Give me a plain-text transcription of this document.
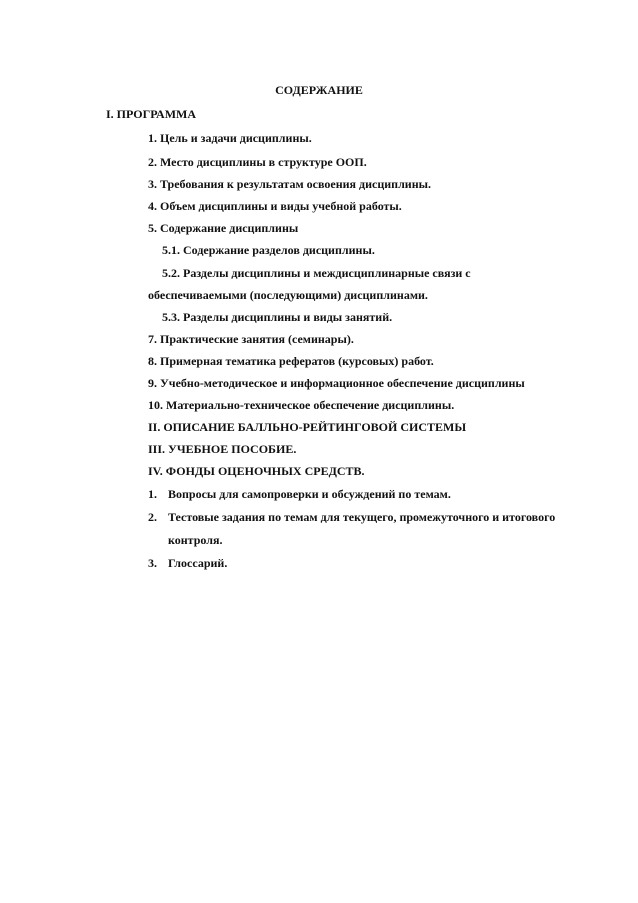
СОДЕРЖАНИЕ
I. ПРОГРАММА
1. Цель и задачи дисциплины.
2. Место дисциплины в структуре ООП.
3. Требования к результатам освоения дисциплины.
4. Объем дисциплины и виды учебной работы.
5. Содержание дисциплины
5.1. Содержание разделов дисциплины.
5.2. Разделы дисциплины и междисциплинарные связи с
обеспечиваемыми (последующими) дисциплинами.
5.3. Разделы дисциплины и виды занятий.
7. Практические занятия (семинары).
8. Примерная тематика рефератов (курсовых) работ.
9. Учебно-методическое и информационное обеспечение дисциплины
10. Материально-техническое обеспечение дисциплины.
II. ОПИСАНИЕ БАЛЛЬНО-РЕЙТИНГОВОЙ СИСТЕМЫ
III. УЧЕБНОЕ ПОСОБИЕ.
IV. ФОНДЫ ОЦЕНОЧНЫХ СРЕДСТВ.
1. Вопросы для самопроверки и обсуждений по темам.
2. Тестовые задания по темам для текущего, промежуточного и итогового
контроля.
3. Глоссарий.
